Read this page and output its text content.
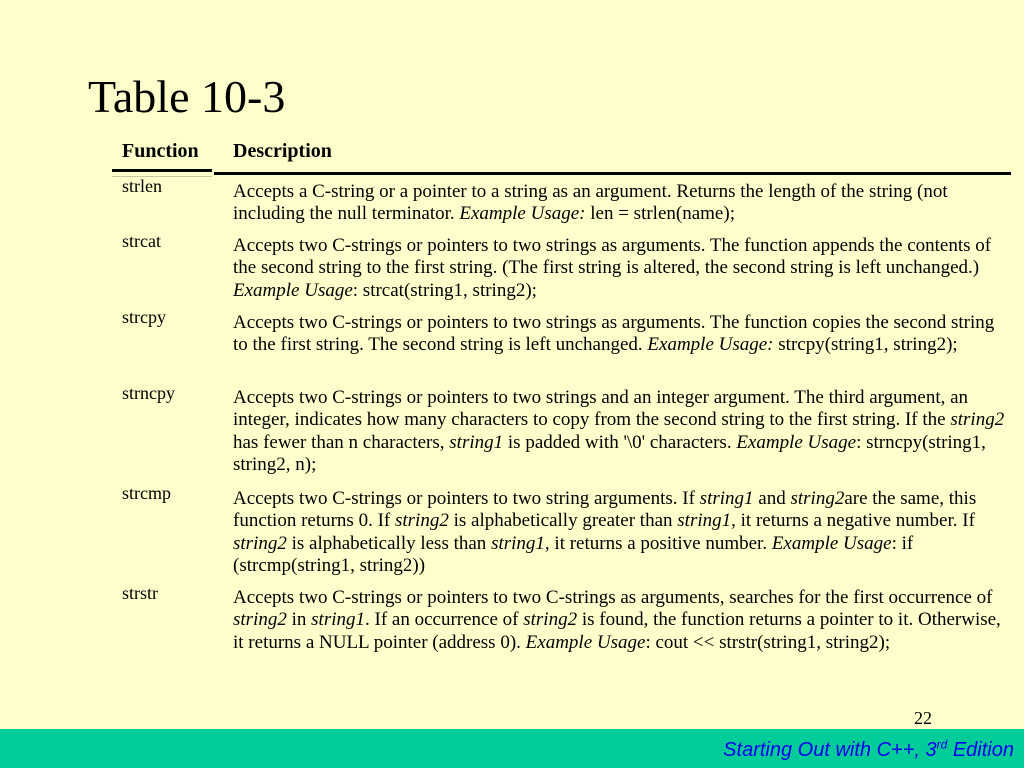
Table 10-3
Function Description
strlen
strcat
strcpy
strncpy
strcmp
strstr
Accepts a C-string or a pointer to a string as an argument. Returns the length of the string (not including the null terminator. Example Usage: len = strlen(name);
Accepts two C-strings or pointers to two strings as arguments. The function appends the contents of the second string to the first string. (The first string is altered, the second string is left unchanged.) Example Usage: strcat(string1, string2);
Accepts two C-strings or pointers to two strings as arguments. The function copies the second string to the first string. The second string is left unchanged. Example Usage: strcpy(string1, string2);
Accepts two C-strings or pointers to two strings and an integer argument. The third argument, an integer, indicates how many characters to copy from the second string to the first string. If the string2 has fewer than n characters, string1 is padded with '\0' characters. Example Usage: strncpy(string1, string2, n);
Accepts two C-strings or pointers to two string arguments. If string1 and string2are the same, this function returns 0. If string2 is alphabetically greater than string1, it returns a negative number. If string2 is alphabetically less than string1, it returns a positive number. Example Usage: if (strcmp(string1, string2))
Accepts two C-strings or pointers to two C-strings as arguments, searches for the first occurrence of string2 in string1. If an occurrence of string2 is found, the function returns a pointer to it. Otherwise, it returns a NULL pointer (address 0). Example Usage: cout << strstr(string1, string2);
22
Starting Out with C++, 3rd Edition
